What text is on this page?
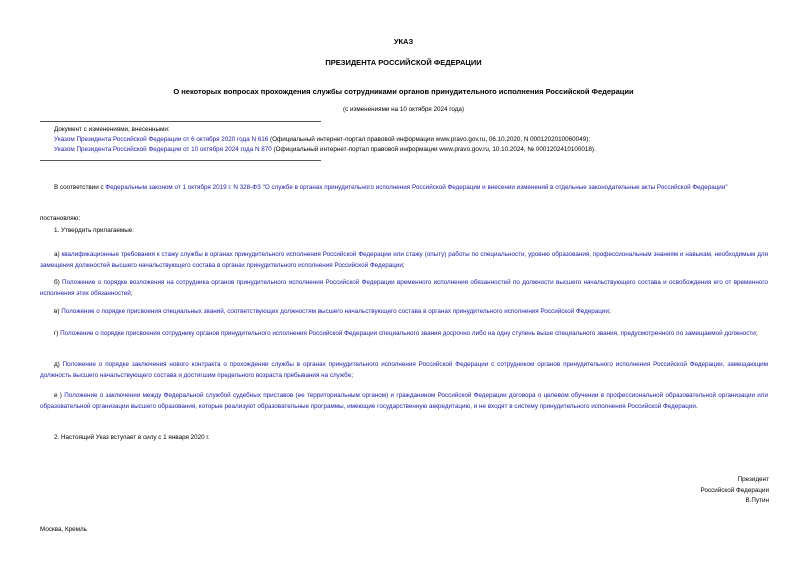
УКАЗ
ПРЕЗИДЕНТА РОССИЙСКОЙ ФЕДЕРАЦИИ
О некоторых вопросах прохождения службы сотрудниками органов принудительного исполнения Российской Федерации
(с изменениями на 10 октября 2024 года)
Документ с изменениями, внесенными:
Указом Президента Российской Федерации от 6 октября 2020 года N 616 (Официальный интернет-портал правовой информации www.pravo.gov.ru, 06.10.2020, N 0001202010060049);
Указом Президента Российской Федерации от 10 октября 2024 года N 870 (Официальный интернет-портал правовой информации www.pravo.gov.ru, 10.10.2024, № 0001202410100018).
В соответствии с Федеральным законом от 1 октября 2019 г. N 328-ФЗ "О службе в органах принудительного исполнения Российской Федерации и внесении изменений в отдельные законодательные акты Российской Федерации"
постановляю:
1. Утвердить прилагаемые:
а) квалификационные требования к стажу службы в органах принудительного исполнения Российской Федерации или стажу (опыту) работы по специальности, уровню образования, профессиональным знаниям и навыкам, необходимым для замещения должностей высшего начальствующего состава в органах принудительного исполнения Российской Федерации;
б) Положение о порядке возложения на сотрудника органов принудительного исполнения Российской Федерации временного исполнения обязанностей по должности высшего начальствующего состава и освобождения его от временного исполнения этих обязанностей;
в) Положение о порядке присвоения специальных званий, соответствующих должностям высшего начальствующего состава в органах принудительного исполнения Российской Федерации;
г) Положение о порядке присвоения сотруднику органов принудительного исполнения Российской Федерации специального звания досрочно либо на одну ступень выше специального звания, предусмотренного по замещаемой должности;
д) Положение о порядке заключения нового контракта о прохождении службы в органах принудительного исполнения Российской Федерации с сотрудником органов принудительного исполнения Российской Федерации, замещающим должность высшего начальствующего состава и достигшим предельного возраста пребывания на службе;
е ) Положение о заключении между Федеральной службой судебных приставов (ее территориальным органом) и гражданином Российской Федерации договора о целевом обучении в профессиональной образовательной организации или образовательной организации высшего образования, которые реализуют образовательные программы, имеющие государственную аккредитацию, и не входят в систему принудительного исполнения Российской Федерации.
2. Настоящий Указ вступает в силу с 1 января 2020 г.
Президент
Российской Федерации
В.Путин
Москва, Кремль
